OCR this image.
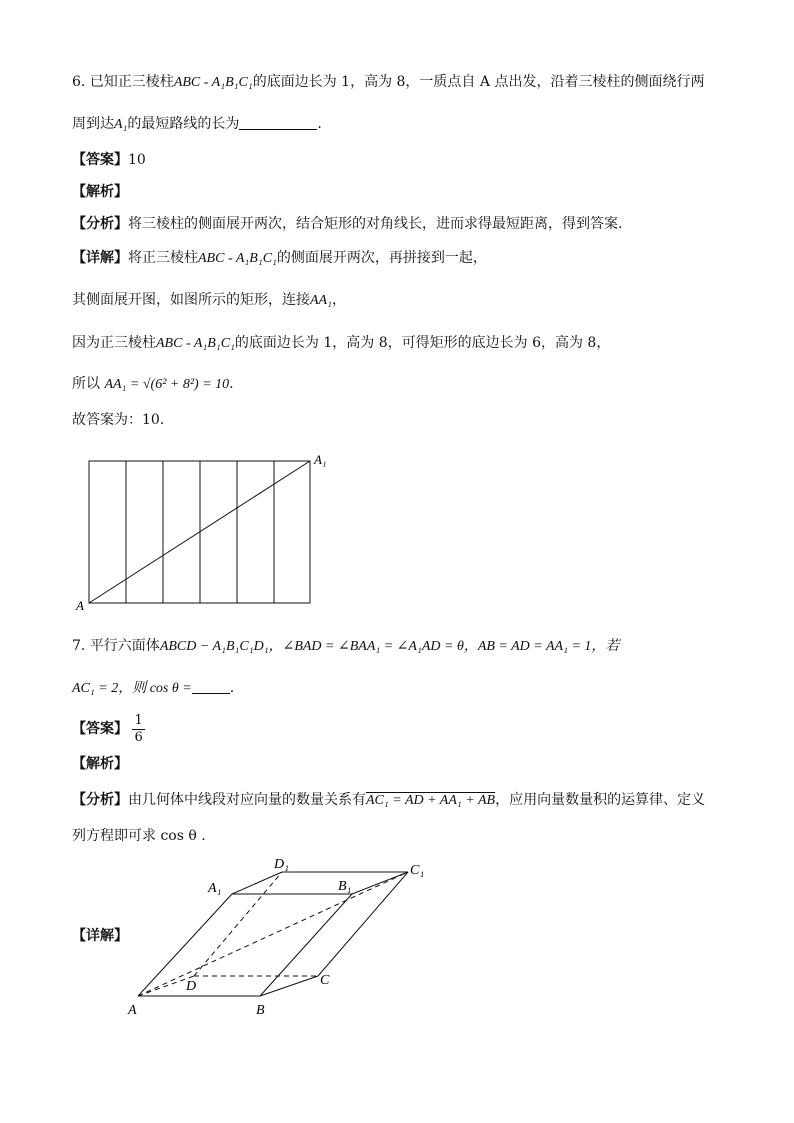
6. 已知正三棱柱ABC - A₁B₁C₁的底面边长为 1，高为 8，一质点自 A 点出发，沿着三棱柱的侧面绕行两
周到达A₁的最短路线的长为	.
【答案】10
【解析】
【分析】将三棱柱的侧面展开两次，结合矩形的对角线长，进而求得最短距离，得到答案.
【详解】将正三棱柱ABC - A₁B₁C₁的侧面展开两次，再拼接到一起，
其侧面展开图，如图所示的矩形，连接AA₁，
因为正三棱柱ABC - A₁B₁C₁的底面边长为 1，高为 8，可得矩形的底边长为 6，高为 8，
所以 AA₁ = √(6² + 8²) = 10.
故答案为：10.
A₁
A
7. 平行六面体ABCD − A₁B₁C₁D₁，∠BAD = ∠BAA₁ = ∠A₁AD = θ，AB = AD = AA₁ = 1，若
AC₁ = 2，则 cos θ =	.
【答案】 $\frac{1}{6}$
【解析】
【分析】由几何体中线段对应向量的数量关系有AC₁ = AD + AA₁ + AB，应用向量数量积的运算律、定义
列方程即可求 cos θ .
【详解】
A	B
C
D
A₁	B₁
C₁
D₁
